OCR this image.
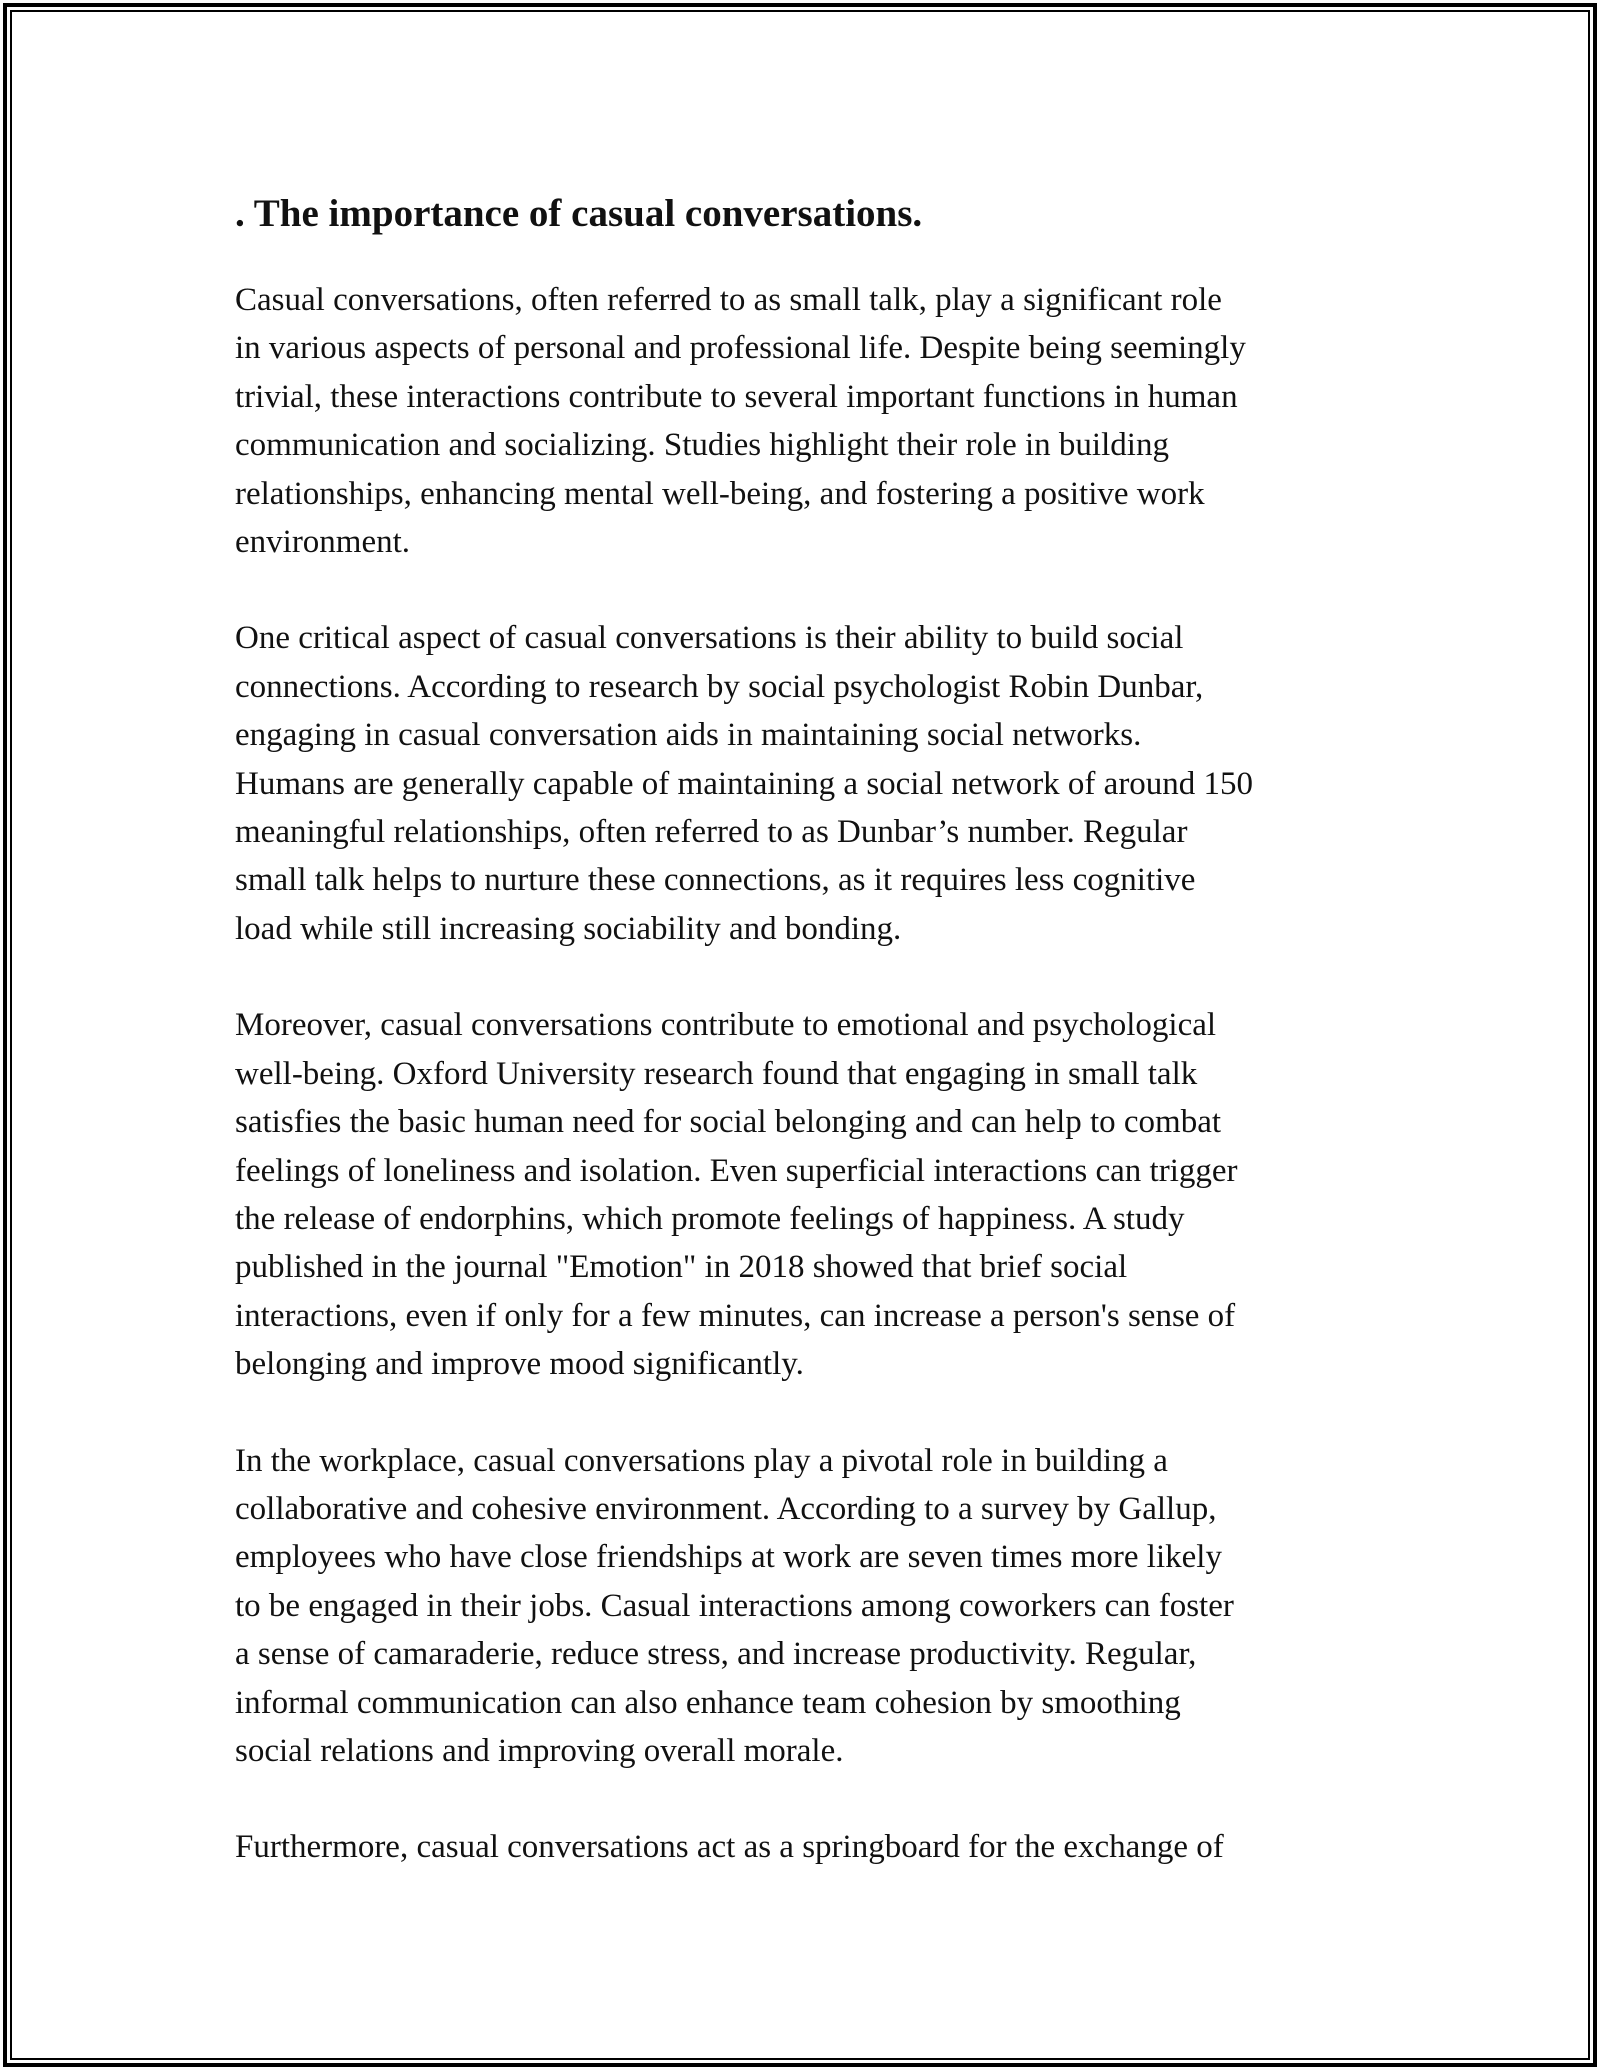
. The importance of casual conversations.

Casual conversations, often referred to as small talk, play a significant role
in various aspects of personal and professional life. Despite being seemingly
trivial, these interactions contribute to several important functions in human
communication and socializing. Studies highlight their role in building
relationships, enhancing mental well-being, and fostering a positive work
environment.

One critical aspect of casual conversations is their ability to build social
connections. According to research by social psychologist Robin Dunbar,
engaging in casual conversation aids in maintaining social networks.
Humans are generally capable of maintaining a social network of around 150
meaningful relationships, often referred to as Dunbar’s number. Regular
small talk helps to nurture these connections, as it requires less cognitive
load while still increasing sociability and bonding.

Moreover, casual conversations contribute to emotional and psychological
well-being. Oxford University research found that engaging in small talk
satisfies the basic human need for social belonging and can help to combat
feelings of loneliness and isolation. Even superficial interactions can trigger
the release of endorphins, which promote feelings of happiness. A study
published in the journal "Emotion" in 2018 showed that brief social
interactions, even if only for a few minutes, can increase a person's sense of
belonging and improve mood significantly.

In the workplace, casual conversations play a pivotal role in building a
collaborative and cohesive environment. According to a survey by Gallup,
employees who have close friendships at work are seven times more likely
to be engaged in their jobs. Casual interactions among coworkers can foster
a sense of camaraderie, reduce stress, and increase productivity. Regular,
informal communication can also enhance team cohesion by smoothing
social relations and improving overall morale.

Furthermore, casual conversations act as a springboard for the exchange of
